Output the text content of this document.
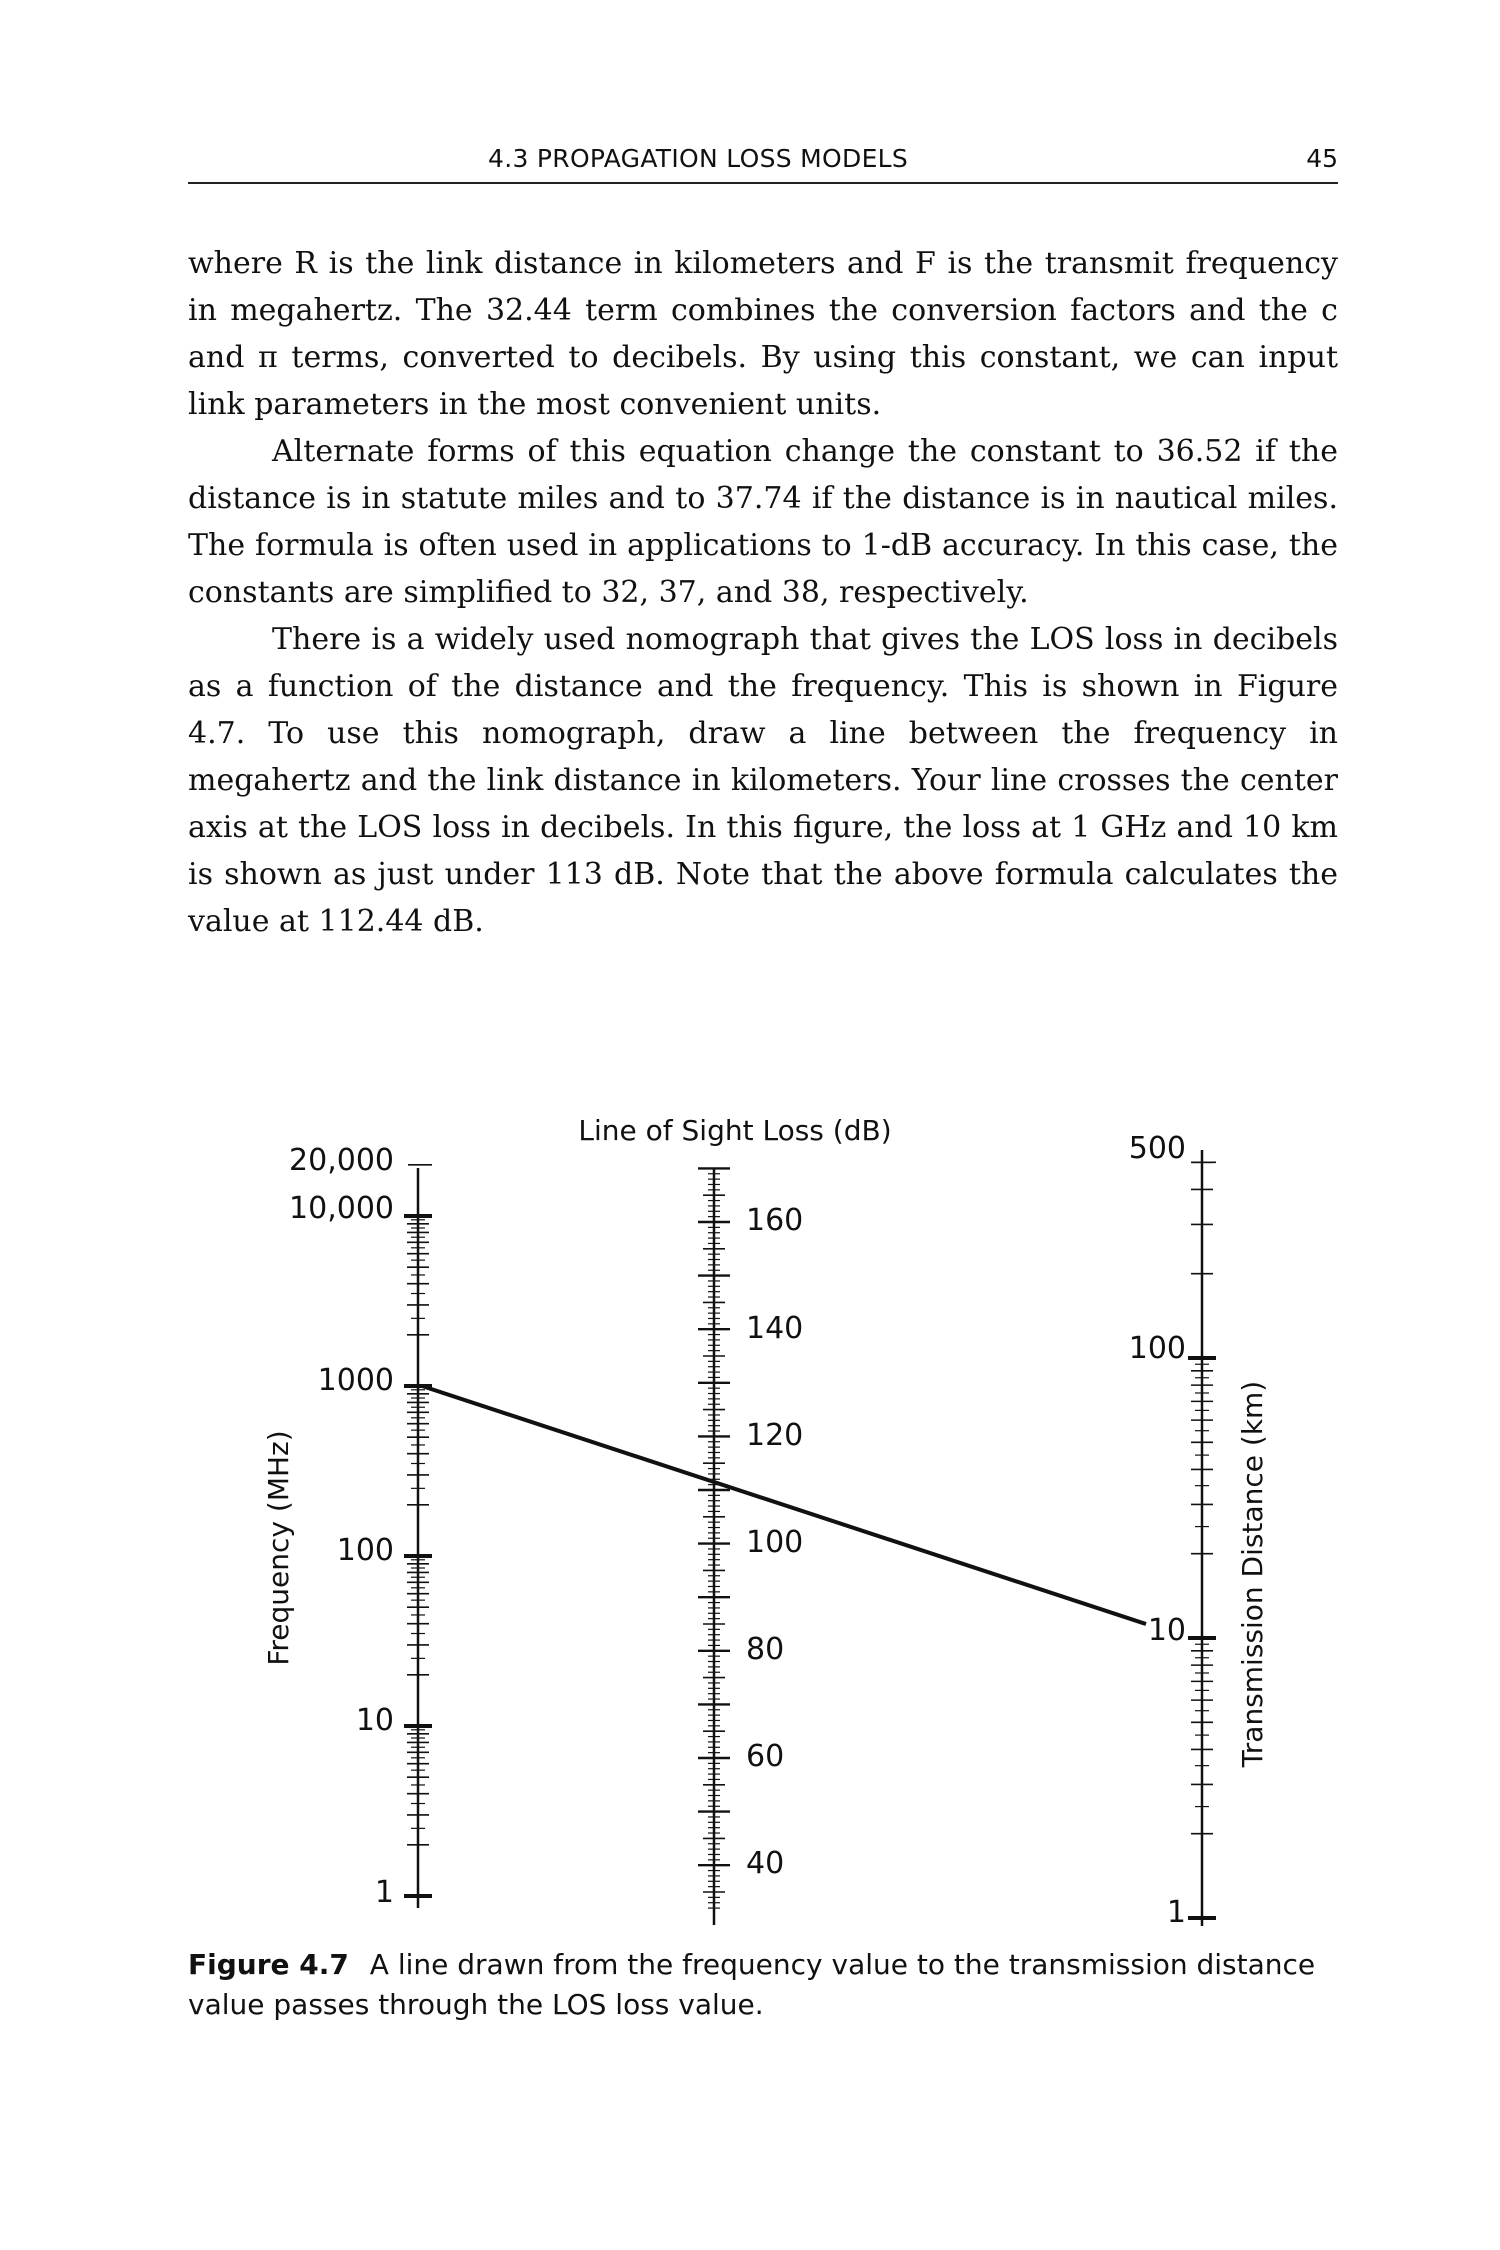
4.3 PROPAGATION LOSS MODELS	45

where R is the link distance in kilometers and F is the transmit frequency in megahertz. The 32.44 term combines the conversion factors and the c and π terms, converted to decibels. By using this constant, we can input link parameters in the most convenient units.

Alternate forms of this equation change the constant to 36.52 if the distance is in statute miles and to 37.74 if the distance is in nautical miles. The formula is often used in applications to 1-dB accuracy. In this case, the constants are simplified to 32, 37, and 38, respectively.

There is a widely used nomograph that gives the LOS loss in decibels as a function of the distance and the frequency. This is shown in Figure 4.7. To use this nomograph, draw a line between the frequency in megahertz and the link distance in kilometers. Your line crosses the center axis at the LOS loss in decibels. In this figure, the loss at 1 GHz and 10 km is shown as just under 113 dB. Note that the above formula calculates the value at 112.44 dB.

Line of Sight Loss (dB)
Frequency (MHz)	Transmission Distance (km)
20,000
10,000
1000
100
10
1
160
140
120
100
80
60
40
500
100
10
1
Figure 4.7 A line drawn from the frequency value to the transmission distance value passes through the LOS loss value.
